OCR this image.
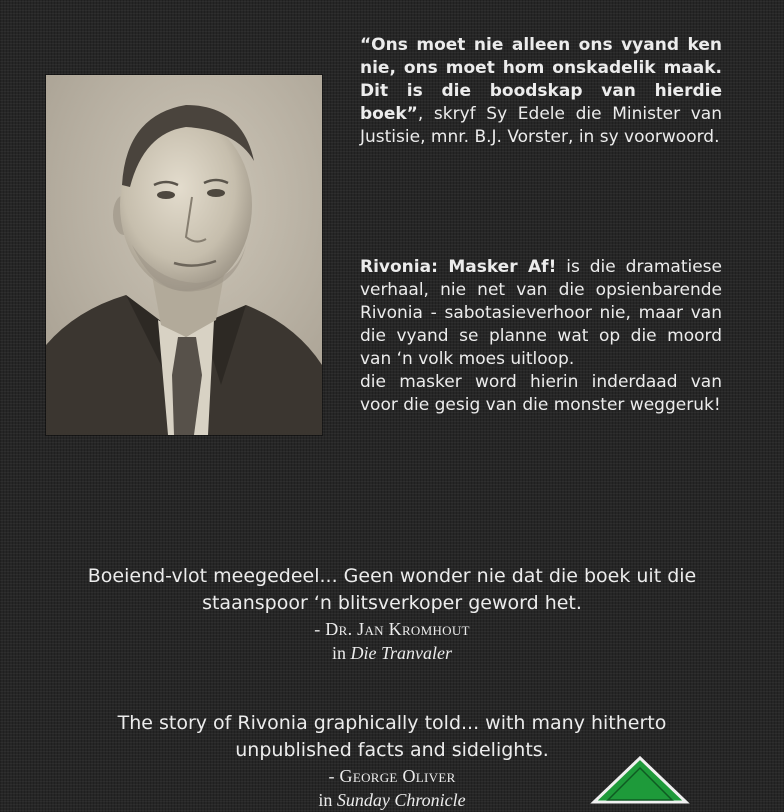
“Ons moet nie alleen ons vyand ken nie, ons moet hom onskadelik maak. Dit is die boodskap van hierdie boek”, skryf Sy Edele die Minister van Justisie, mnr. B.J. Vorster, in sy voorwoord.
Rivonia: Masker Af! is die dramatiese verhaal, nie net van die opsienbarende Rivonia - sabotasieverhoor nie, maar van die vyand se planne wat op die moord van ‘n volk moes uitloop.
die masker word hierin inderdaad van voor die gesig van die monster weggeruk!
Boeiend-vlot meegedeel... Geen wonder nie dat die boek uit die
staanspoor ‘n blitsverkoper geword het.
- Dr. Jan Kromhout
in Die Tranvaler
The story of Rivonia graphically told... with many hitherto
unpublished facts and sidelights.
- George Oliver
in Sunday Chronicle
